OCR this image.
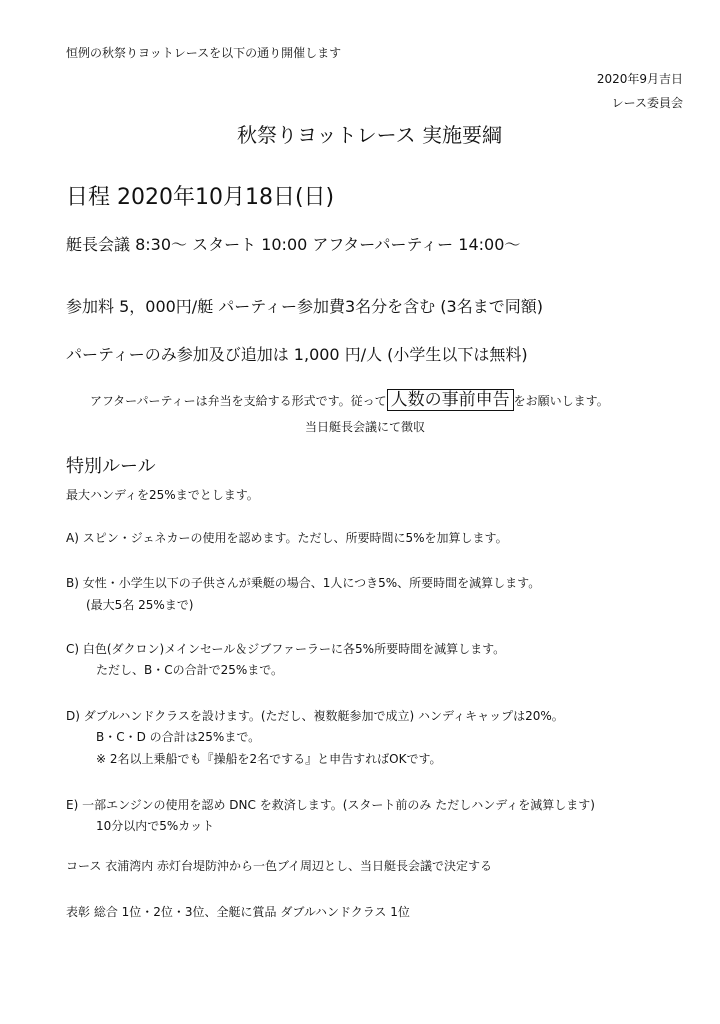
恒例の秋祭りヨットレースを以下の通り開催します
2020年9月吉日
レース委員会
秋祭りヨットレース 実施要綱
日程 2020年10月18日(日)
艇長会議 8:30～ スタート 10:00 アフターパーティー 14:00～
参加料 5，000円/艇 パーティー参加費3名分を含む (3名まで同額)
パーティーのみ参加及び追加は 1,000 円/人 (小学生以下は無料)
アフターパーティーは弁当を支給する形式です。従って 人数の事前申告 をお願いします。
当日艇長会議にて徴収
特別ルール
最大ハンディを25%までとします。
A) スピン・ジェネカーの使用を認めます。ただし、所要時間に5%を加算します。
B) 女性・小学生以下の子供さんが乗艇の場合、1人につき5%、所要時間を減算します。
(最大5名 25%まで)
C) 白色(ダクロン)メインセール＆ジブファーラーに各5%所要時間を減算します。
ただし、B・Cの合計で25%まで。
D) ダブルハンドクラスを設けます。(ただし、複数艇参加で成立) ハンディキャップは20%。
B・C・D の合計は25%まで。
※ 2名以上乗船でも『操船を2名でする』と申告すればOKです。
E) 一部エンジンの使用を認め DNC を救済します。(スタート前のみ ただしハンディを減算します)
10分以内で5%カット
コース 衣浦湾内 赤灯台堤防沖から一色ブイ周辺とし、当日艇長会議で決定する
表彰 総合 1位・2位・3位、全艇に賞品 ダブルハンドクラス 1位
